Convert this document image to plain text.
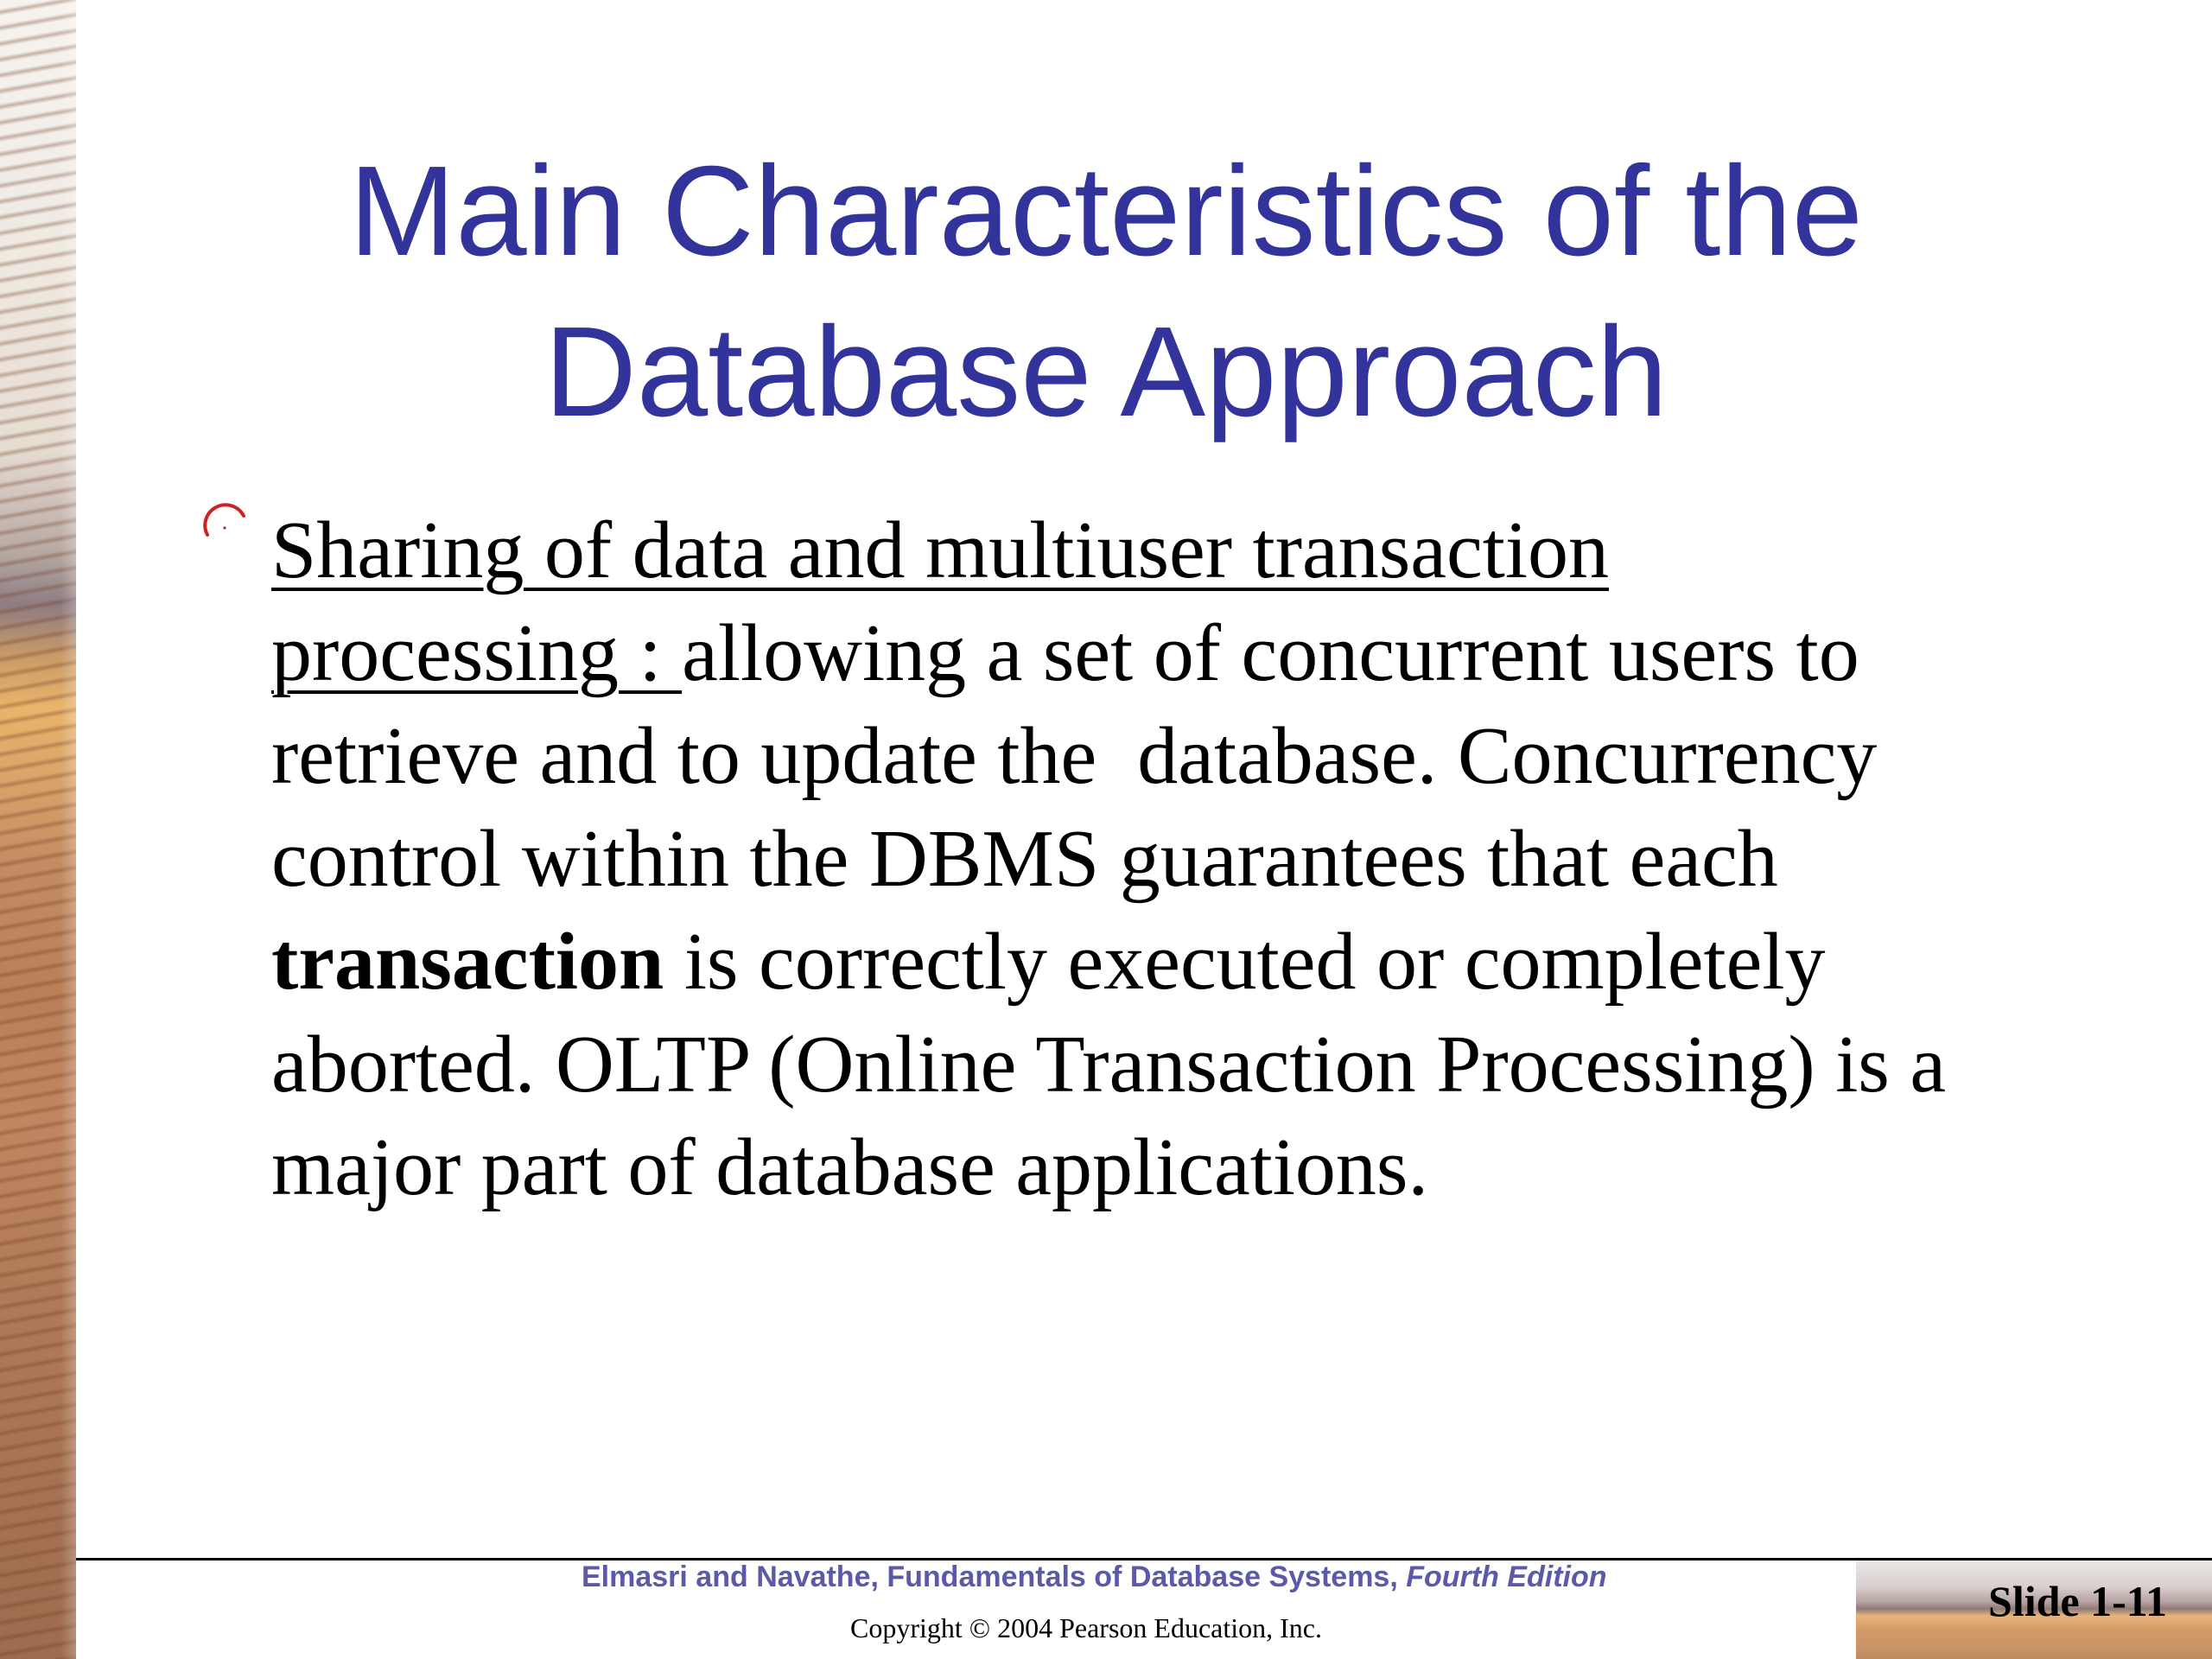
Main Characteristics of the
Database Approach
Sharing of data and multiuser transaction
processing : allowing a set of concurrent users to retrieve and to update the  database. Concurrency control within the DBMS guarantees that each transaction is correctly executed or completely aborted. OLTP (Online Transaction Processing) is a major part of database applications.
Elmasri and Navathe, Fundamentals of Database Systems, Fourth Edition
Copyright © 2004 Pearson Education, Inc.
Slide 1-11
